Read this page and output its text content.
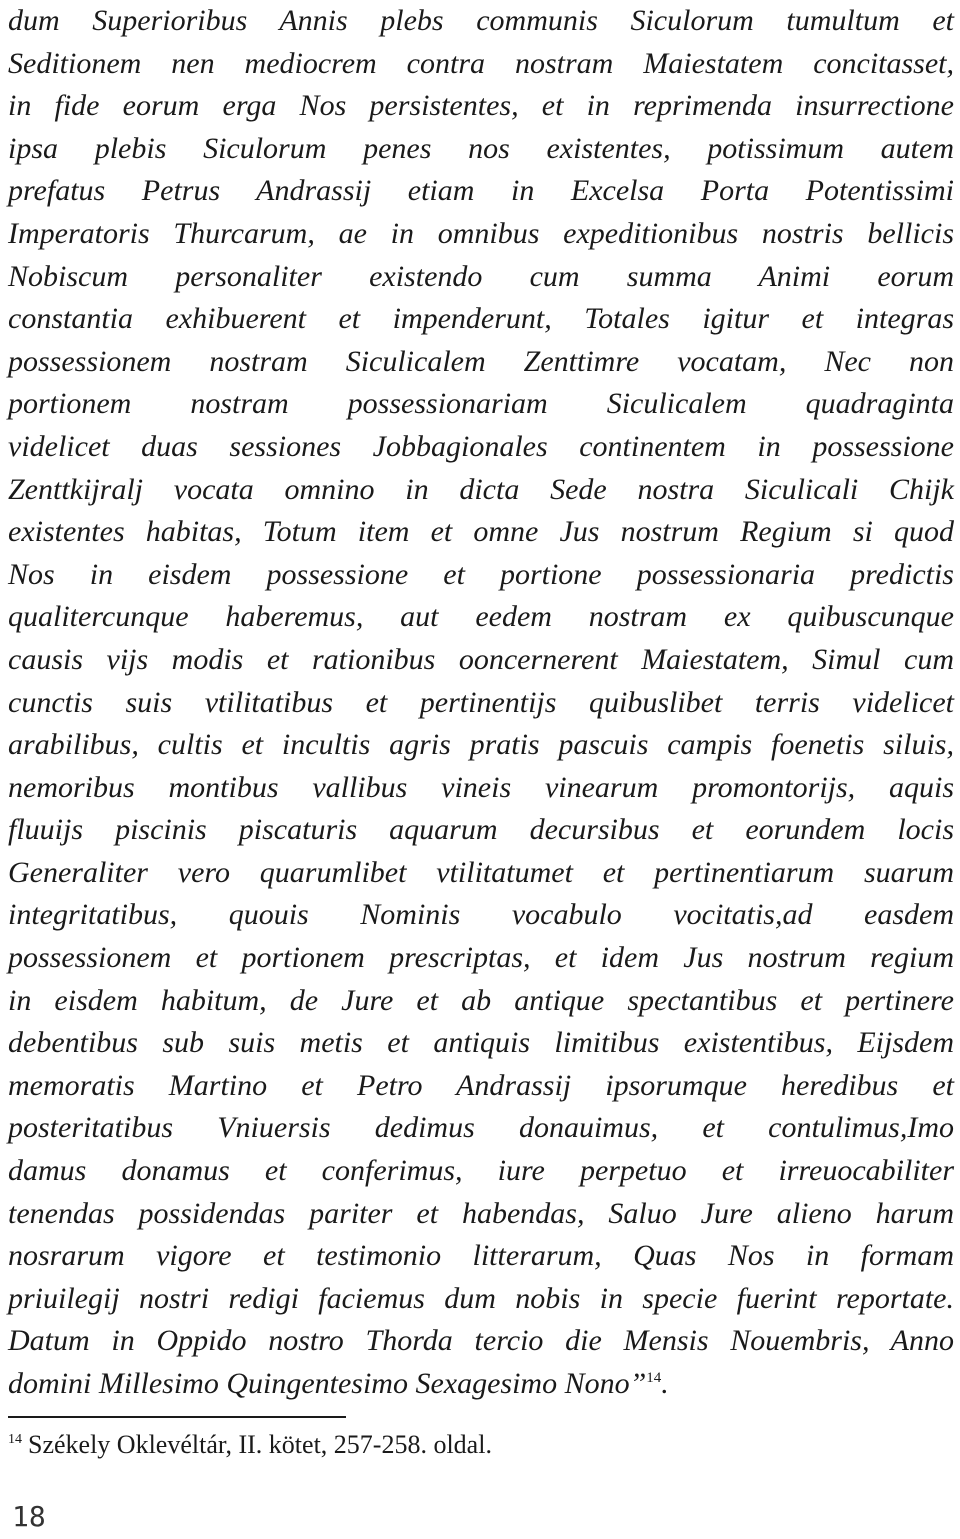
dum Superioribus Annis plebs communis Siculorum tumultum et
Seditionem nen mediocrem contra nostram Maiestatem concitasset,
in fide eorum erga Nos persistentes, et in reprimenda insurrectione
ipsa plebis Siculorum penes nos existentes, potissimum autem
prefatus Petrus Andrassij etiam in Excelsa Porta Potentissimi
Imperatoris Thurcarum, ae in omnibus expeditionibus nostris bellicis
Nobiscum personaliter existendo cum summa Animi eorum
constantia exhibuerent et impenderunt, Totales igitur et integras
possessionem nostram Siculicalem Zenttimre vocatam, Nec non
portionem nostram possessionariam Siculicalem quadraginta
videlicet duas sessiones Jobbagionales continentem in possessione
Zenttkijralj vocata omnino in dicta Sede nostra Siculicali Chijk
existentes habitas, Totum item et omne Jus nostrum Regium si quod
Nos in eisdem possessione et portione possessionaria predictis
qualitercunque haberemus, aut eedem nostram ex quibuscunque
causis vijs modis et rationibus ooncernerent Maiestatem, Simul cum
cunctis suis vtilitatibus et pertinentijs quibuslibet terris videlicet
arabilibus, cultis et incultis agris pratis pascuis campis foenetis siluis,
nemoribus montibus vallibus vineis vinearum promontorijs, aquis
fluuijs piscinis piscaturis aquarum decursibus et eorundem locis
Generaliter vero quarumlibet vtilitatumet et pertinentiarum suarum
integritatibus, quouis Nominis vocabulo vocitatis,ad easdem
possessionem et portionem prescriptas, et idem Jus nostrum regium
in eisdem habitum, de Jure et ab antique spectantibus et pertinere
debentibus sub suis metis et antiquis limitibus existentibus, Eijsdem
memoratis Martino et Petro Andrassij ipsorumque heredibus et
posteritatibus Vniuersis dedimus donauimus, et contulimus,Imo
damus donamus et conferimus, iure perpetuo et irreuocabiliter
tenendas possidendas pariter et habendas, Saluo Jure alieno harum
nosrarum vigore et testimonio litterarum, Quas Nos in formam
priuilegij nostri redigi faciemus dum nobis in specie fuerint reportate.
Datum in Oppido nostro Thorda tercio die Mensis Nouembris, Anno
domini Millesimo Quingentesimo Sexagesimo Nono”$^{14}$.
$^{14}$ Székely Oklevéltár, II. kötet, 257-258. oldal.
18
